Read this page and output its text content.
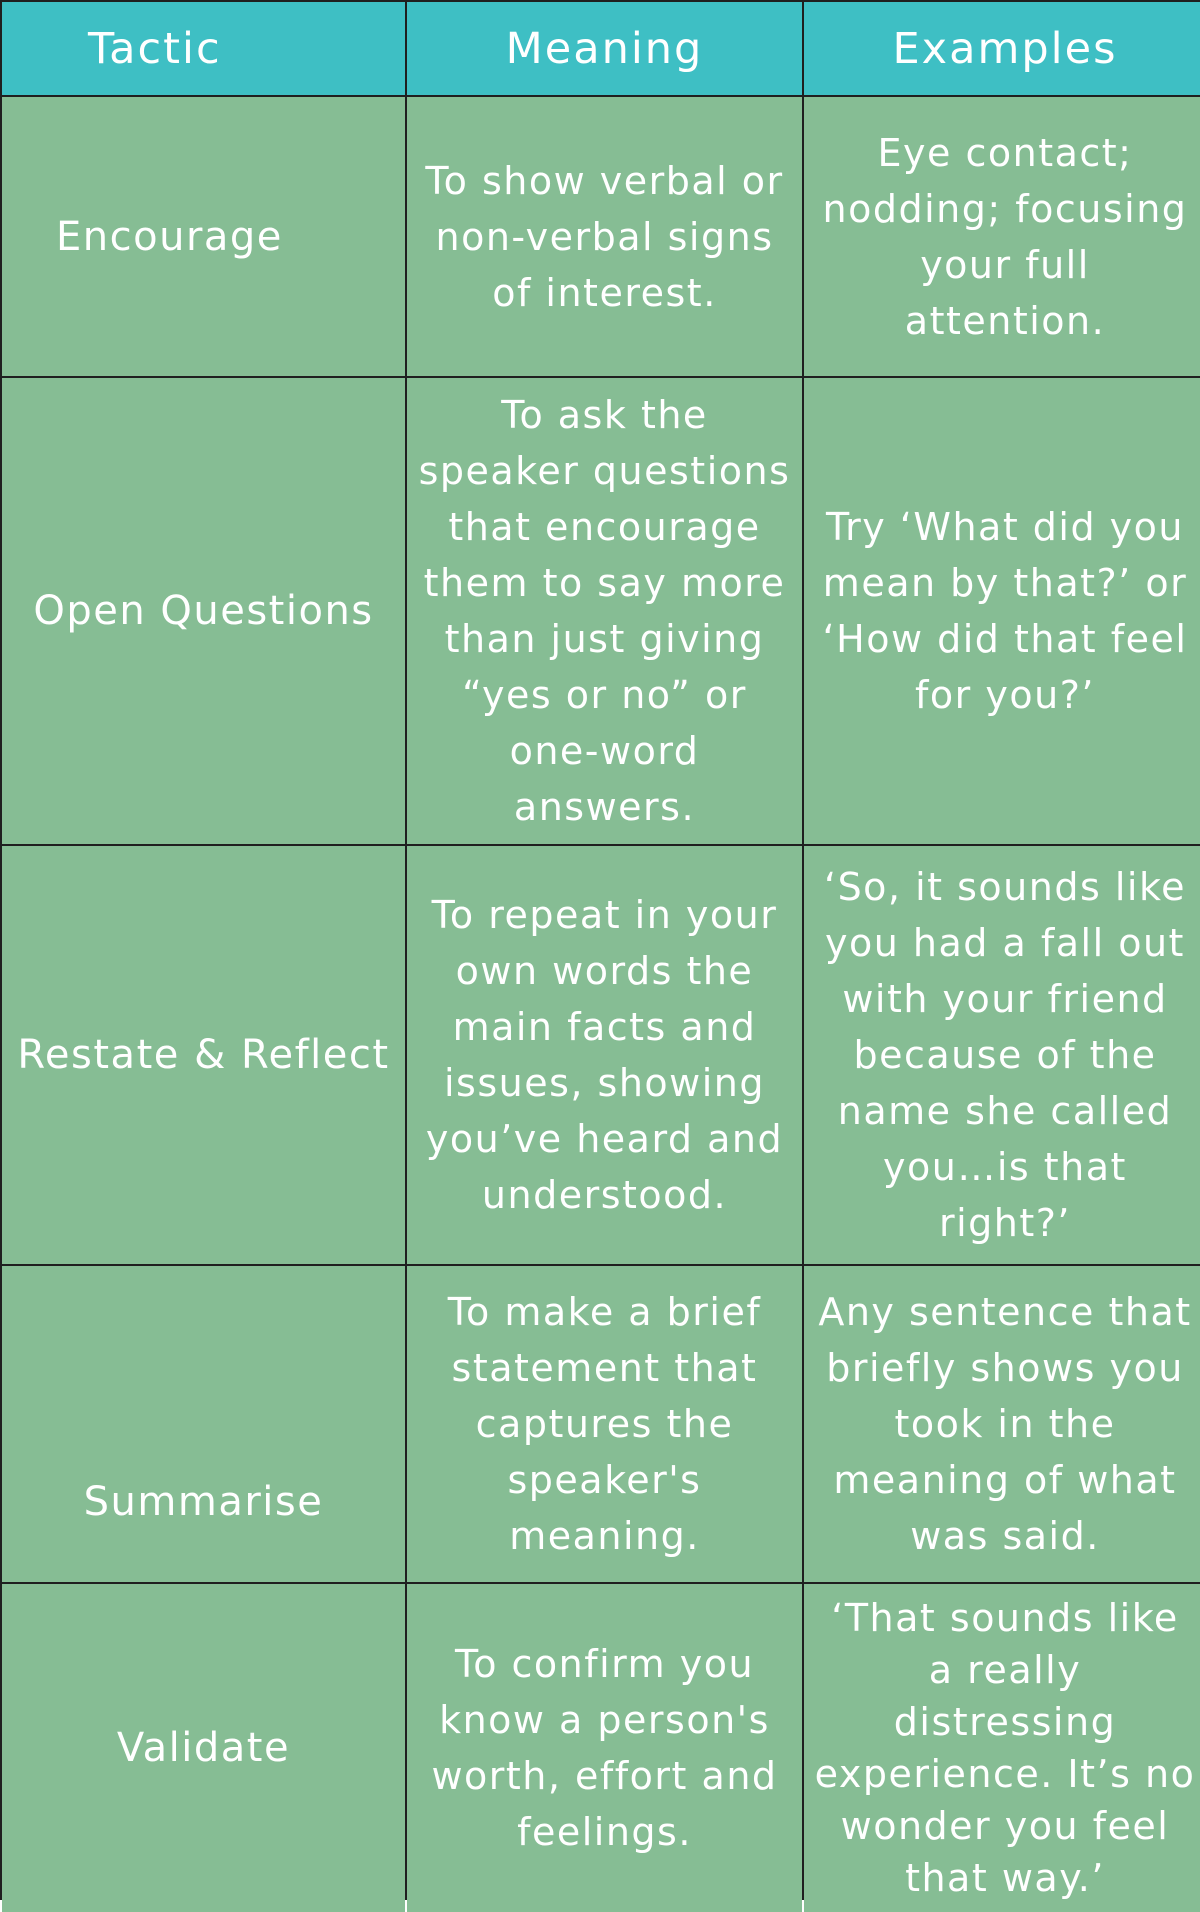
Tactic	Meaning	Examples
Encourage
To show verbal or non-verbal signs of interest.
Eye contact; nodding; focusing your full attention.
Open Questions
To ask the speaker questions that encourage them to say more than just giving “yes or no” or one-word answers.
Try ‘What did you mean by that?’ or ‘How did that feel for you?’
Restate & Reflect
To repeat in your own words the main facts and issues, showing you’ve heard and understood.
‘So, it sounds like you had a fall out with your friend because of the name she called you…is that right?’
Summarise
To make a brief statement that captures the speaker's meaning.
Any sentence that briefly shows you took in the meaning of what was said.
Validate
To confirm you know a person's worth, effort and feelings.
‘That sounds like a really distressing experience. It’s no wonder you feel that way.’
